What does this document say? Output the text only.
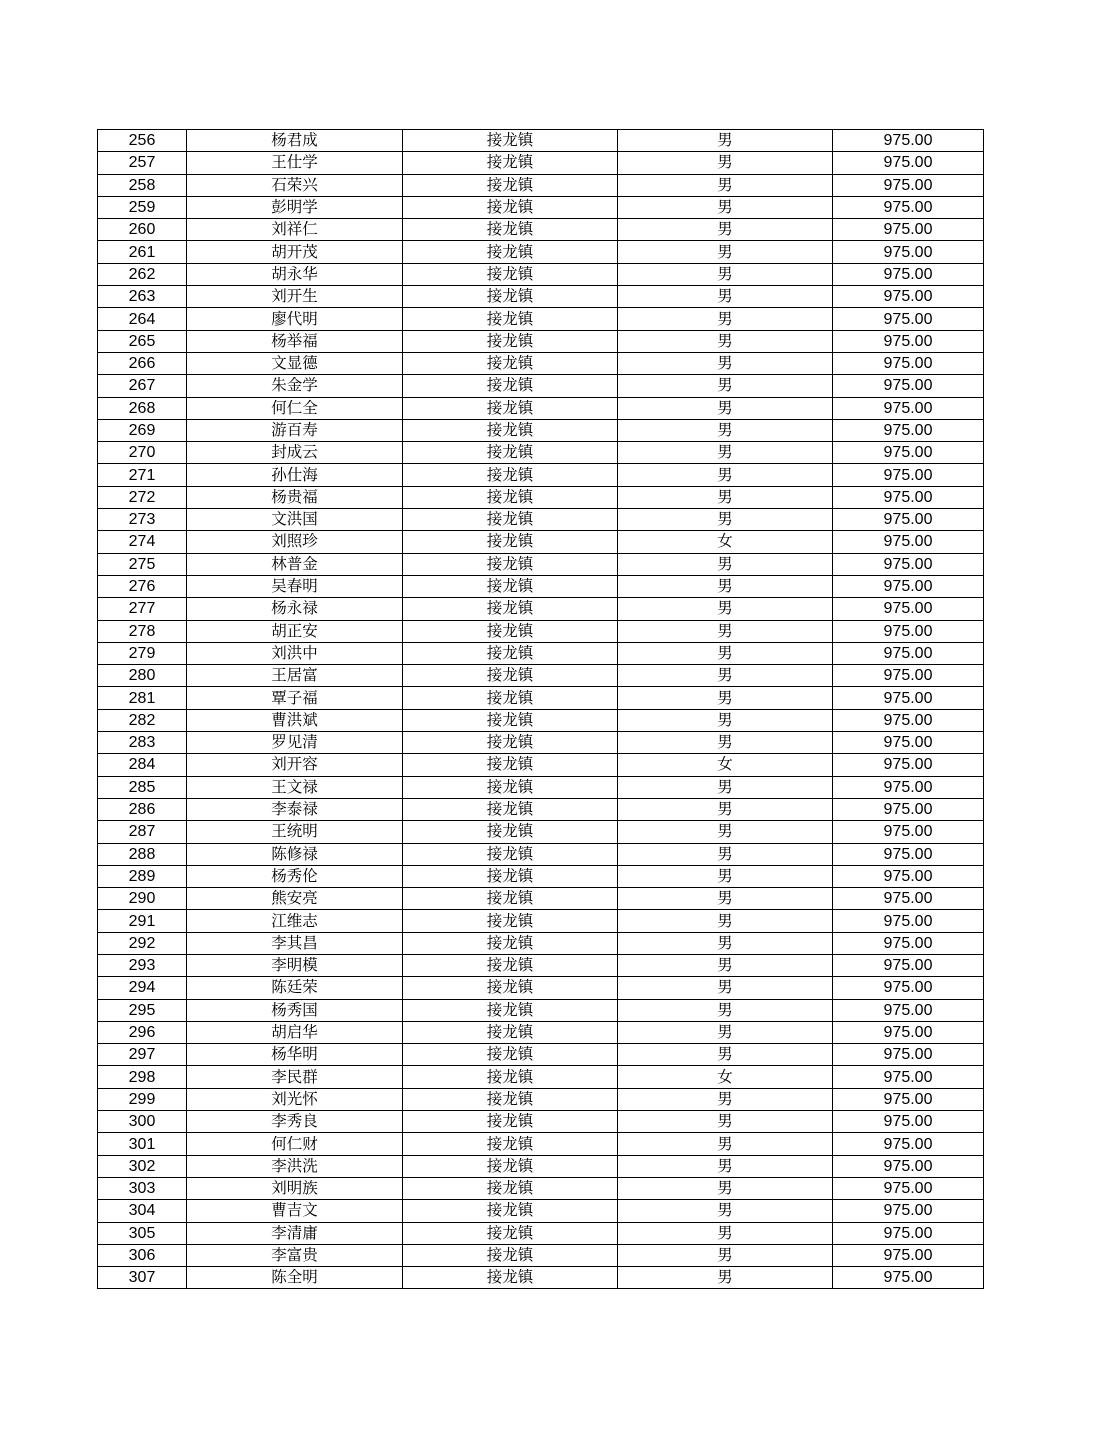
256	杨君成	接龙镇	男	975.00
257	王仕学	接龙镇	男	975.00
258	石荣兴	接龙镇	男	975.00
259	彭明学	接龙镇	男	975.00
260	刘祥仁	接龙镇	男	975.00
261	胡开茂	接龙镇	男	975.00
262	胡永华	接龙镇	男	975.00
263	刘开生	接龙镇	男	975.00
264	廖代明	接龙镇	男	975.00
265	杨举福	接龙镇	男	975.00
266	文显德	接龙镇	男	975.00
267	朱金学	接龙镇	男	975.00
268	何仁全	接龙镇	男	975.00
269	游百寿	接龙镇	男	975.00
270	封成云	接龙镇	男	975.00
271	孙仕海	接龙镇	男	975.00
272	杨贵福	接龙镇	男	975.00
273	文洪国	接龙镇	男	975.00
274	刘照珍	接龙镇	女	975.00
275	林普金	接龙镇	男	975.00
276	吴春明	接龙镇	男	975.00
277	杨永禄	接龙镇	男	975.00
278	胡正安	接龙镇	男	975.00
279	刘洪中	接龙镇	男	975.00
280	王居富	接龙镇	男	975.00
281	覃子福	接龙镇	男	975.00
282	曹洪斌	接龙镇	男	975.00
283	罗见清	接龙镇	男	975.00
284	刘开容	接龙镇	女	975.00
285	王文禄	接龙镇	男	975.00
286	李泰禄	接龙镇	男	975.00
287	王统明	接龙镇	男	975.00
288	陈修禄	接龙镇	男	975.00
289	杨秀伦	接龙镇	男	975.00
290	熊安亮	接龙镇	男	975.00
291	江维志	接龙镇	男	975.00
292	李其昌	接龙镇	男	975.00
293	李明模	接龙镇	男	975.00
294	陈廷荣	接龙镇	男	975.00
295	杨秀国	接龙镇	男	975.00
296	胡启华	接龙镇	男	975.00
297	杨华明	接龙镇	男	975.00
298	李民群	接龙镇	女	975.00
299	刘光怀	接龙镇	男	975.00
300	李秀良	接龙镇	男	975.00
301	何仁财	接龙镇	男	975.00
302	李洪洗	接龙镇	男	975.00
303	刘明族	接龙镇	男	975.00
304	曹吉文	接龙镇	男	975.00
305	李清庸	接龙镇	男	975.00
306	李富贵	接龙镇	男	975.00
307	陈全明	接龙镇	男	975.00
